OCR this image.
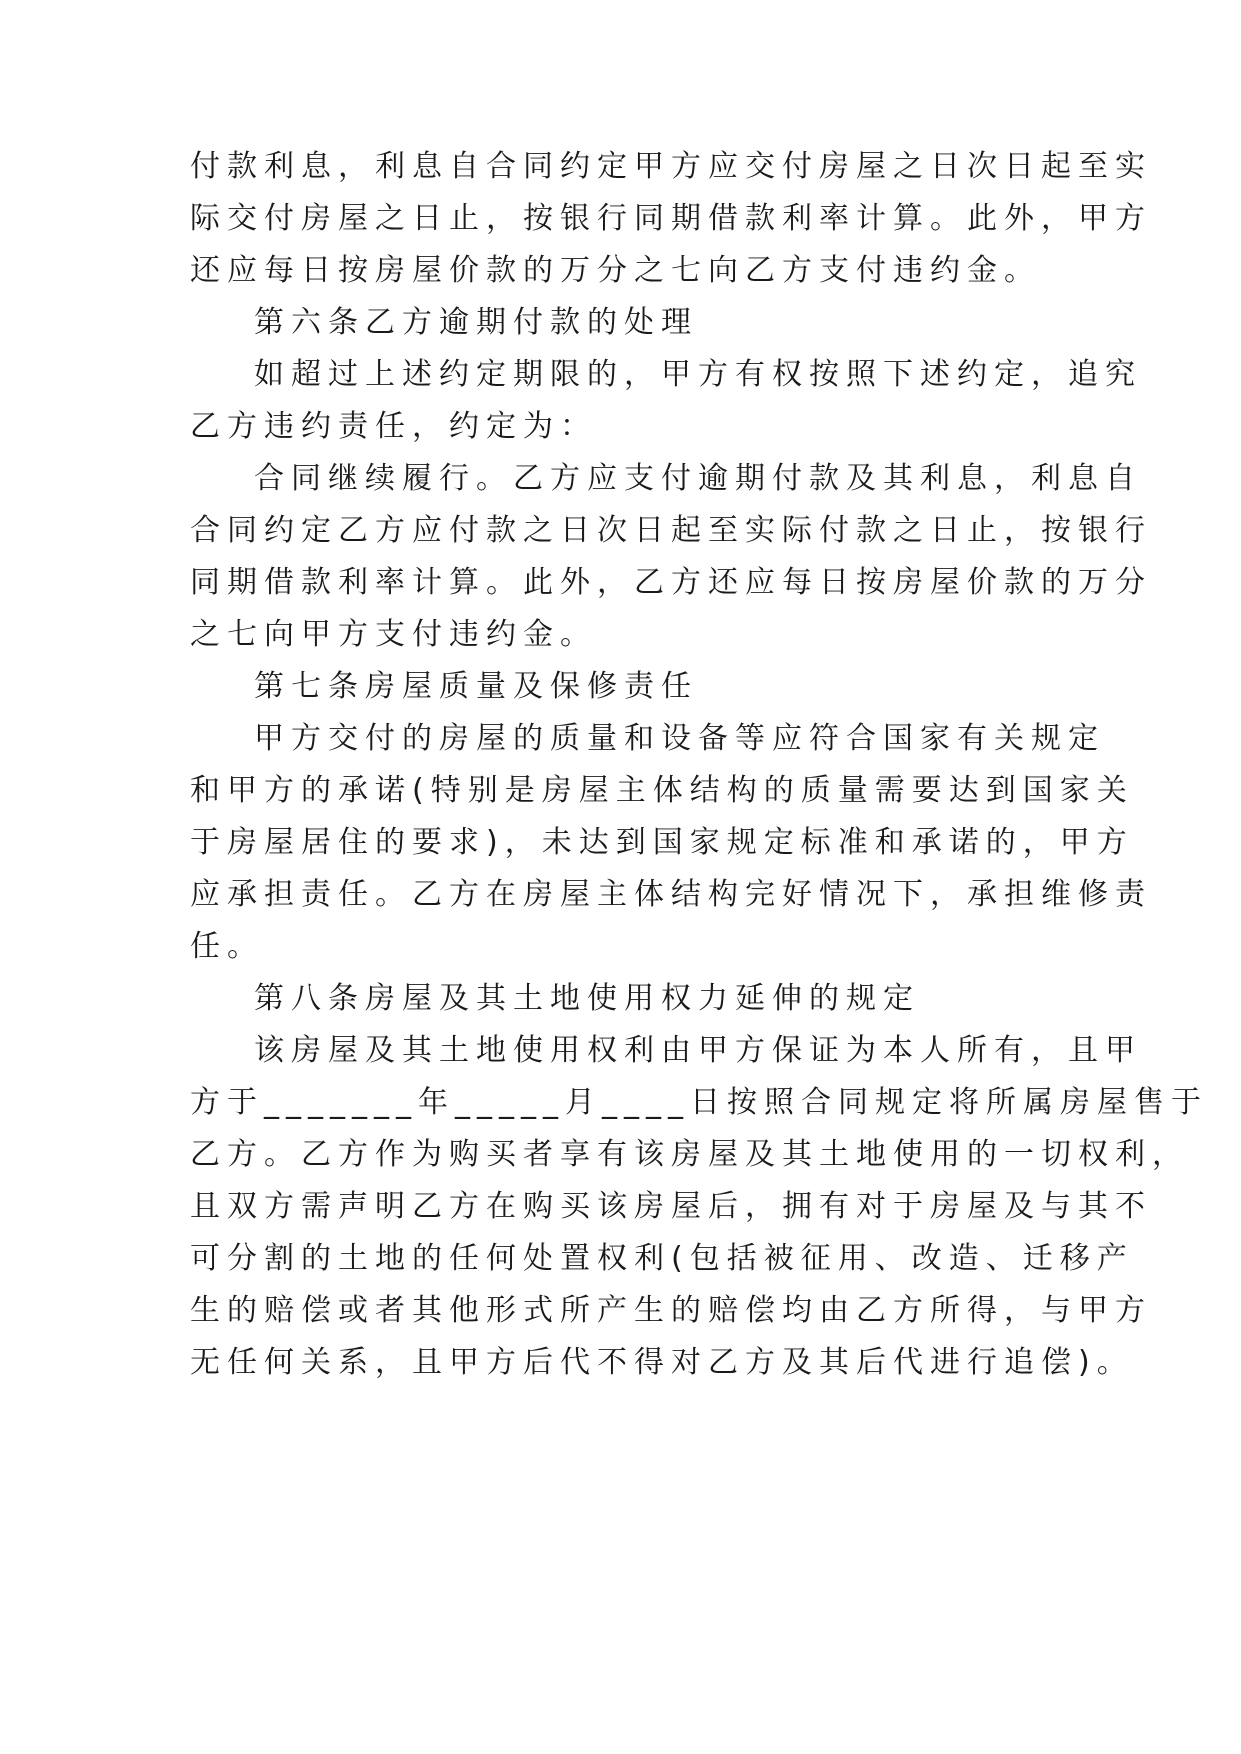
付款利息，利息自合同约定甲方应交付房屋之日次日起至实
际交付房屋之日止，按银行同期借款利率计算。此外，甲方
还应每日按房屋价款的万分之七向乙方支付违约金。
第六条乙方逾期付款的处理
如超过上述约定期限的，甲方有权按照下述约定，追究
乙方违约责任，约定为：
合同继续履行。乙方应支付逾期付款及其利息，利息自
合同约定乙方应付款之日次日起至实际付款之日止，按银行
同期借款利率计算。此外，乙方还应每日按房屋价款的万分
之七向甲方支付违约金。
第七条房屋质量及保修责任
甲方交付的房屋的质量和设备等应符合国家有关规定
和甲方的承诺(特别是房屋主体结构的质量需要达到国家关
于房屋居住的要求)，未达到国家规定标准和承诺的，甲方
应承担责任。乙方在房屋主体结构完好情况下，承担维修责
任。
第八条房屋及其土地使用权力延伸的规定
该房屋及其土地使用权利由甲方保证为本人所有，且甲
方于_______年_____月____日按照合同规定将所属房屋售于
乙方。乙方作为购买者享有该房屋及其土地使用的一切权利，
且双方需声明乙方在购买该房屋后，拥有对于房屋及与其不
可分割的土地的任何处置权利(包括被征用、改造、迁移产
生的赔偿或者其他形式所产生的赔偿均由乙方所得，与甲方
无任何关系，且甲方后代不得对乙方及其后代进行追偿)。
